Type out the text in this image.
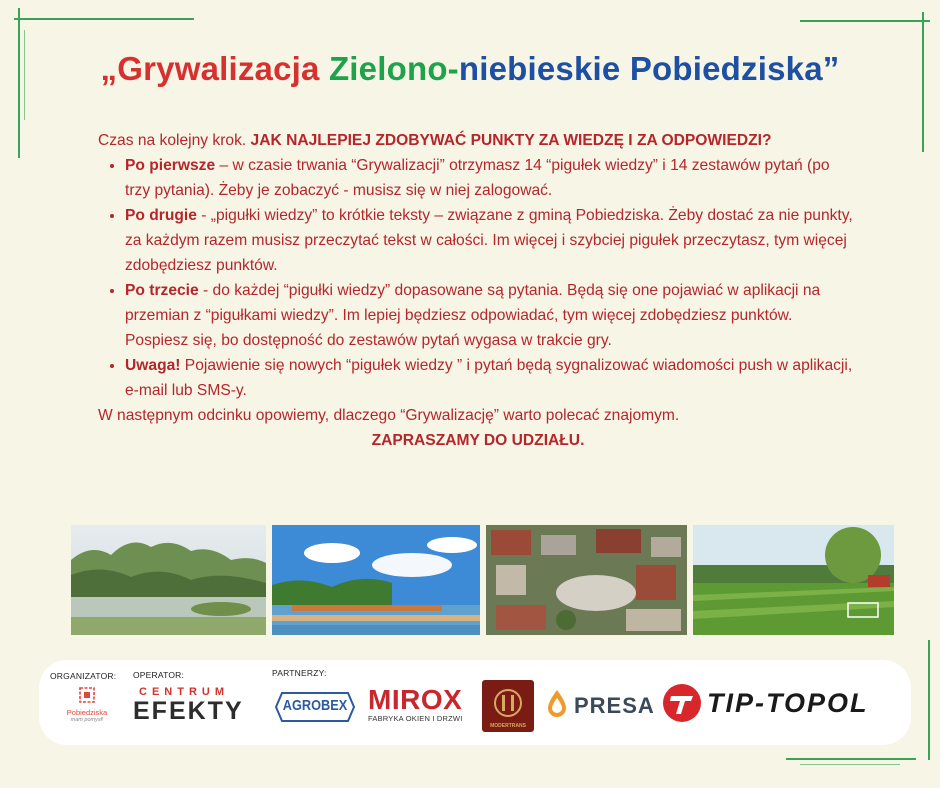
„Grywalizacja Zielono-niebieskie Pobiedziska”

Czas na kolejny krok. JAK NAJLEPIEJ ZDOBYWAĆ PUNKTY ZA WIEDZĘ I ZA ODPOWIEDZI?

• Po pierwsze – w czasie trwania “Grywalizacji” otrzymasz 14 “pigułek wiedzy” i 14 zestawów pytań (po trzy pytania). Żeby je zobaczyć - musisz się w niej zalogować.
• Po drugie - „pigułki wiedzy” to krótkie teksty – związane z gminą Pobiedziska. Żeby dostać za nie punkty, za każdym razem musisz przeczytać tekst w całości. Im więcej i szybciej pigułek przeczytasz, tym więcej zdobędziesz punktów.
• Po trzecie - do każdej “pigułki wiedzy” dopasowane są pytania. Będą się one pojawiać w aplikacji na przemian z “pigułkami wiedzy”. Im lepiej będziesz odpowiadać, tym więcej zdobędziesz punktów. Pospiesz się, bo dostępność do zestawów pytań wygasa w trakcie gry.
• Uwaga! Pojawienie się nowych “pigułek wiedzy ” i pytań będą sygnalizować wiadomości push w aplikacji, e-mail lub SMS-y.

W następnym odcinku opowiemy, dlaczego “Grywalizację” warto polecać znajomym.

ZAPRASZAMY DO UDZIAŁU.

ORGANIZATOR: OPERATOR:	PARTNERZY:
Pobiedziska
mam pomysł!
CENTRUM
EFEKTY	AGROBEX MIROX
FABRYKA OKIEN I DRZWI
MODERTRANS
PRESA TIP-TOPOL
